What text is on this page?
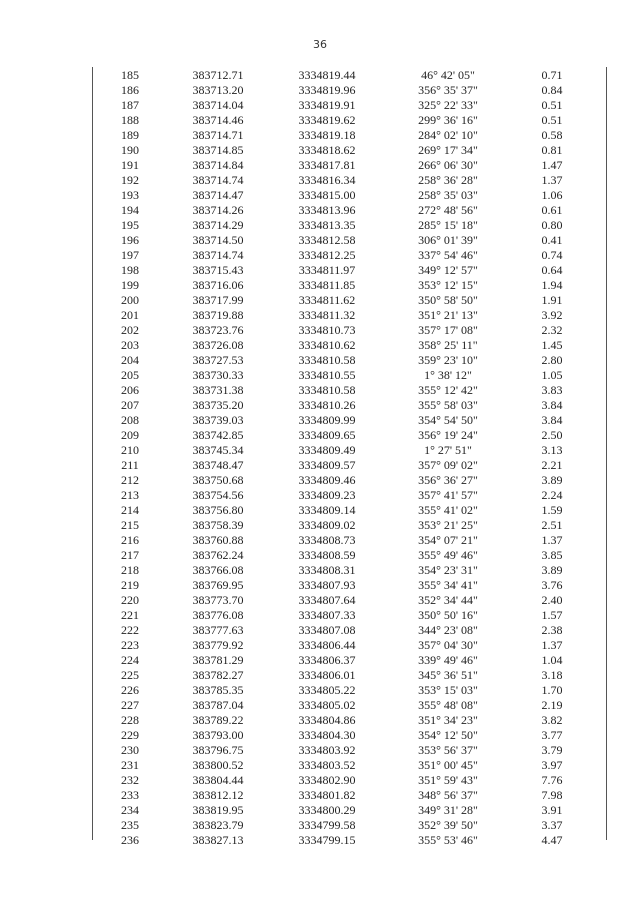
36
185	383712.71	3334819.44	46° 42' 05"	0.71
186	383713.20	3334819.96	356° 35' 37"	0.84
187	383714.04	3334819.91	325° 22' 33"	0.51
188	383714.46	3334819.62	299° 36' 16"	0.51
189	383714.71	3334819.18	284° 02' 10"	0.58
190	383714.85	3334818.62	269° 17' 34"	0.81
191	383714.84	3334817.81	266° 06' 30"	1.47
192	383714.74	3334816.34	258° 36' 28"	1.37
193	383714.47	3334815.00	258° 35' 03"	1.06
194	383714.26	3334813.96	272° 48' 56"	0.61
195	383714.29	3334813.35	285° 15' 18"	0.80
196	383714.50	3334812.58	306° 01' 39"	0.41
197	383714.74	3334812.25	337° 54' 46"	0.74
198	383715.43	3334811.97	349° 12' 57"	0.64
199	383716.06	3334811.85	353° 12' 15"	1.94
200	383717.99	3334811.62	350° 58' 50"	1.91
201	383719.88	3334811.32	351° 21' 13"	3.92
202	383723.76	3334810.73	357° 17' 08"	2.32
203	383726.08	3334810.62	358° 25' 11"	1.45
204	383727.53	3334810.58	359° 23' 10"	2.80
205	383730.33	3334810.55	1° 38' 12"	1.05
206	383731.38	3334810.58	355° 12' 42"	3.83
207	383735.20	3334810.26	355° 58' 03"	3.84
208	383739.03	3334809.99	354° 54' 50"	3.84
209	383742.85	3334809.65	356° 19' 24"	2.50
210	383745.34	3334809.49	1° 27' 51"	3.13
211	383748.47	3334809.57	357° 09' 02"	2.21
212	383750.68	3334809.46	356° 36' 27"	3.89
213	383754.56	3334809.23	357° 41' 57"	2.24
214	383756.80	3334809.14	355° 41' 02"	1.59
215	383758.39	3334809.02	353° 21' 25"	2.51
216	383760.88	3334808.73	354° 07' 21"	1.37
217	383762.24	3334808.59	355° 49' 46"	3.85
218	383766.08	3334808.31	354° 23' 31"	3.89
219	383769.95	3334807.93	355° 34' 41"	3.76
220	383773.70	3334807.64	352° 34' 44"	2.40
221	383776.08	3334807.33	350° 50' 16"	1.57
222	383777.63	3334807.08	344° 23' 08"	2.38
223	383779.92	3334806.44	357° 04' 30"	1.37
224	383781.29	3334806.37	339° 49' 46"	1.04
225	383782.27	3334806.01	345° 36' 51"	3.18
226	383785.35	3334805.22	353° 15' 03"	1.70
227	383787.04	3334805.02	355° 48' 08"	2.19
228	383789.22	3334804.86	351° 34' 23"	3.82
229	383793.00	3334804.30	354° 12' 50"	3.77
230	383796.75	3334803.92	353° 56' 37"	3.79
231	383800.52	3334803.52	351° 00' 45"	3.97
232	383804.44	3334802.90	351° 59' 43"	7.76
233	383812.12	3334801.82	348° 56' 37"	7.98
234	383819.95	3334800.29	349° 31' 28"	3.91
235	383823.79	3334799.58	352° 39' 50"	3.37
236	383827.13	3334799.15	355° 53' 46"	4.47
